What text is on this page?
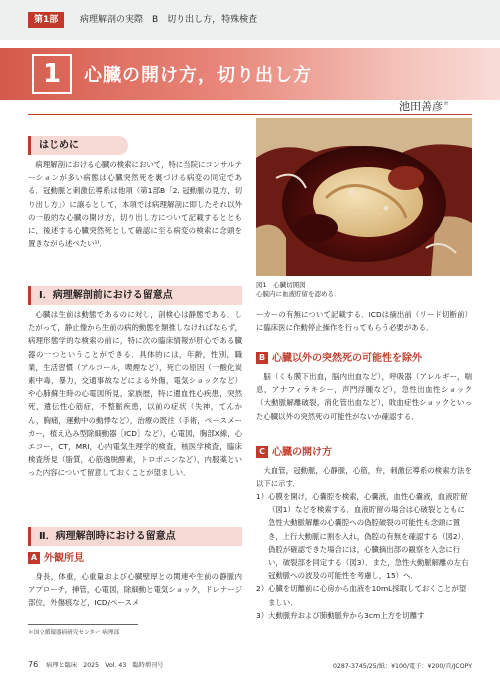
第1部	病理解剖の実際　B　切り出し方，特殊検査
1	心臓の開け方，切り出し方
池田善彦＊
はじめに

病理解剖における心臓の検索において，特に当院にコンサルテーションが多い病態は心臓突然死を裏づける病変の同定である．冠動脈と刺激伝導系は他項（第1部B「2. 冠動脈の見方，切り出し方」）に譲るとして，本項では病理解剖に即したそれ以外の一般的な心臓の開け方，切り出し方について記載するとともに，後述する心臓突然死として確認に至る病変の検索に念頭を置きながら述べたい¹⁾．

Ⅰ．病理解剖前における留意点

心臓は生前は動態であるのに対し，剖検心は静態である．したがって，静止像から生前の病的動態を類推しなければならず，病理形態学的な検索の前に，特に次の臨床情報が肝心である臓器の一つということができる．具体的には，年齢，性別，職業，生活習慣（アルコール，喫煙など），死亡の原因（一酸化炭素中毒，暴力，交通事故などによる外傷，電気ショックなど）や心肺蘇生時の心電図所見，家族歴，特に遺血性心疾患，突然死，遺伝性心筋症，不整脈疾患，以前の症状（失神，てんかん，胸痛，運動中の動悸など），治療の既往（手術，ペースメーカー，植え込み型除細動器［ICD］など），心電図，胸部X線，心エコー，CT，MRI，心内電気生理学的検査，核医学検査，臨床検査所見（脂質，心筋逸脱酵素，トロポニンなど），内服薬といった内容について留意しておくことが望ましい．

Ⅱ．病理解剖時における留意点
A 外観所見

身長，体重，心重量および心臓壁厚との関連や生前の静脈内アプローチ，挿管，心電図，除細動と電気ショック，ドレナージ部位，外傷痕など，ICD/ペースメ

図1　心臓切開図
心膜内に血液貯留を認める．

ーカーの有無について記載する．ICDは摘出前（リード切断前）に臨床医に作動停止操作を行ってもらう必要がある．

B 心臓以外の突然死の可能性を除外

脳（くも膜下出血，脳内出血など），呼吸器（アレルギー，喘息，アナフィラキシー，声門浮腫など），急性出血性ショック（大動脈解離破裂，消化管出血など），敗血症性ショックといった心臓以外の突然死の可能性がないか確認する．

C 心臓の開け方

大血管，冠動脈，心静脈，心筋，弁，刺激伝導系の検索方法を以下に示す．

1）心膜を開け，心嚢腔を検索，心嚢液，血性心嚢液，血液貯留（図1）などを検索する．血液貯留の場合は心破裂とともに急性大動脈解離の心嚢腔への偽腔破裂の可能性も念頭に置き，上行大動脈に割を入れ，偽腔の有無を確認する（図2）．偽腔が確認できた場合には，心臓摘出部の観察を入念に行い，破裂部を同定する（図3）．また，急性大動脈解離の左右冠動脈への波及の可能性を考慮し，15）へ．
2）心臓を切離前に心房から血液を10mL採取しておくことが望ましい．
3）大動脈弁および肺動脈弁から3cm上方を切離す
＊国立循環器病研究センター 病理部
76 病理と臨床　2025　Vol. 43　臨時増刊号	0287-3745/25/紙：¥100/電子：¥200/頁/JCOPY
